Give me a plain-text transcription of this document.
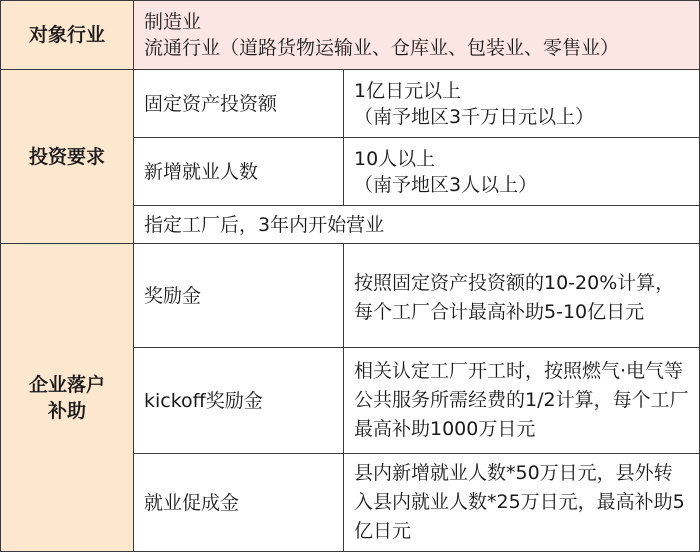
对象行业
制造业
流通行业（道路货物运输业、仓库业、包装业、零售业）
投资要求
固定资产投资额
1亿日元以上
（南予地区3千万日元以上）
新增就业人数
10人以上
（南予地区3人以上）
指定工厂后，3年内开始营业
企业落户
补助
奖励金
按照固定资产投资额的10-20%计算，每个工厂合计最高补助5-10亿日元
kickoff奖励金
相关认定工厂开工时，按照燃气·电气等公共服务所需经费的1/2计算，每个工厂最高补助1000万日元
就业促成金
县内新增就业人数*50万日元，县外转入县内就业人数*25万日元，最高补助5亿日元
